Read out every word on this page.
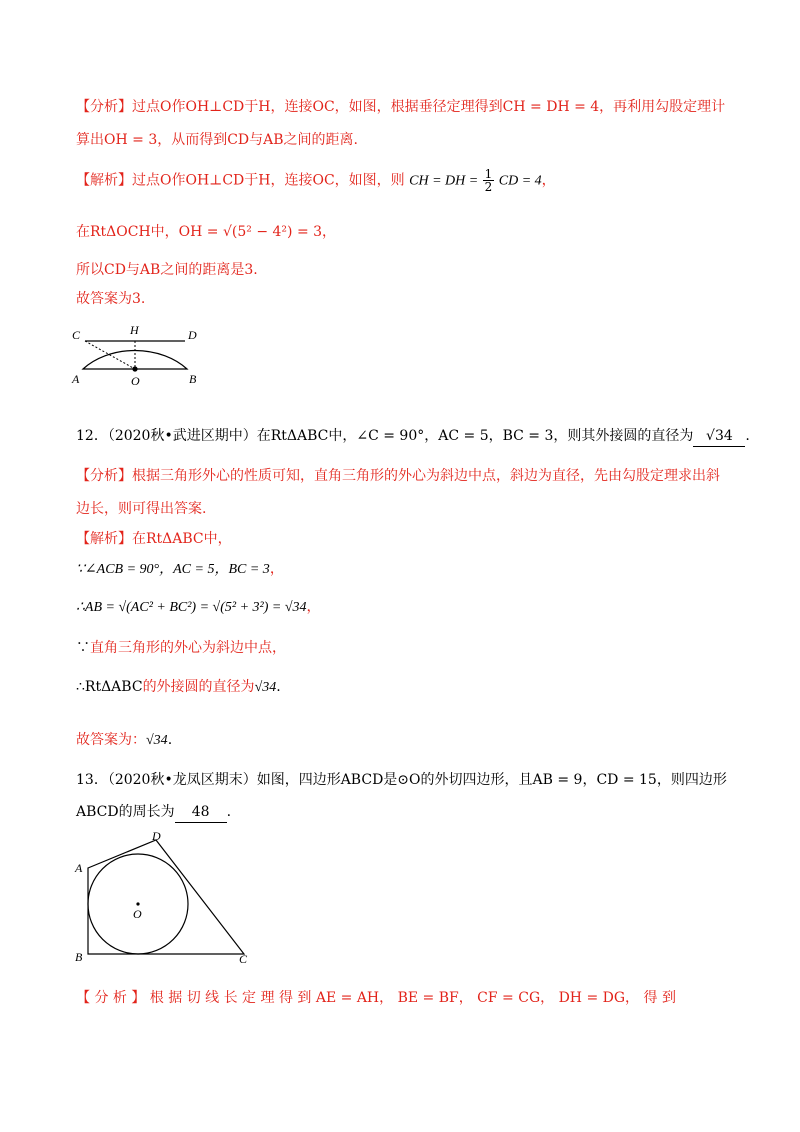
【分析】过点O作OH⊥CD于H，连接OC，如图，根据垂径定理得到CH = DH = 4，再利用勾股定理计
算出OH = 3，从而得到CD与AB之间的距离.
【解析】过点O作OH⊥CD于H，连接OC，如图，则 CH = DH = $\frac{1}{2}$ CD = 4，
在RtΔOCH中，OH = √(5² − 4²) = 3，
所以CD与AB之间的距离是3.
故答案为3.
C	H	D
A	O	B
12．（2020秋•武进区期中）在RtΔABC中，∠C = 90°，AC = 5，BC = 3，则其外接圆的直径为 √34 .
【分析】根据三角形外心的性质可知，直角三角形的外心为斜边中点，斜边为直径，先由勾股定理求出斜
边长，则可得出答案.
【解析】在RtΔABC中，
∵∠ACB = 90°，AC = 5，BC = 3，
∴AB = √(AC² + BC²) = √(5² + 3²) = √34，
∵直角三角形的外心为斜边中点，
∴RtΔABC的外接圆的直径为√34.
故答案为：√34.
13．（2020秋•龙凤区期末）如图，四边形ABCD是⊙O的外切四边形，且AB = 9，CD = 15，则四边形
ABCD的周长为 48 .
A
D
B	C
O
【 分 析 】 根 据 切 线 长 定 理 得 到 AE = AH， BE = BF， CF = CG， DH = DG， 得 到
